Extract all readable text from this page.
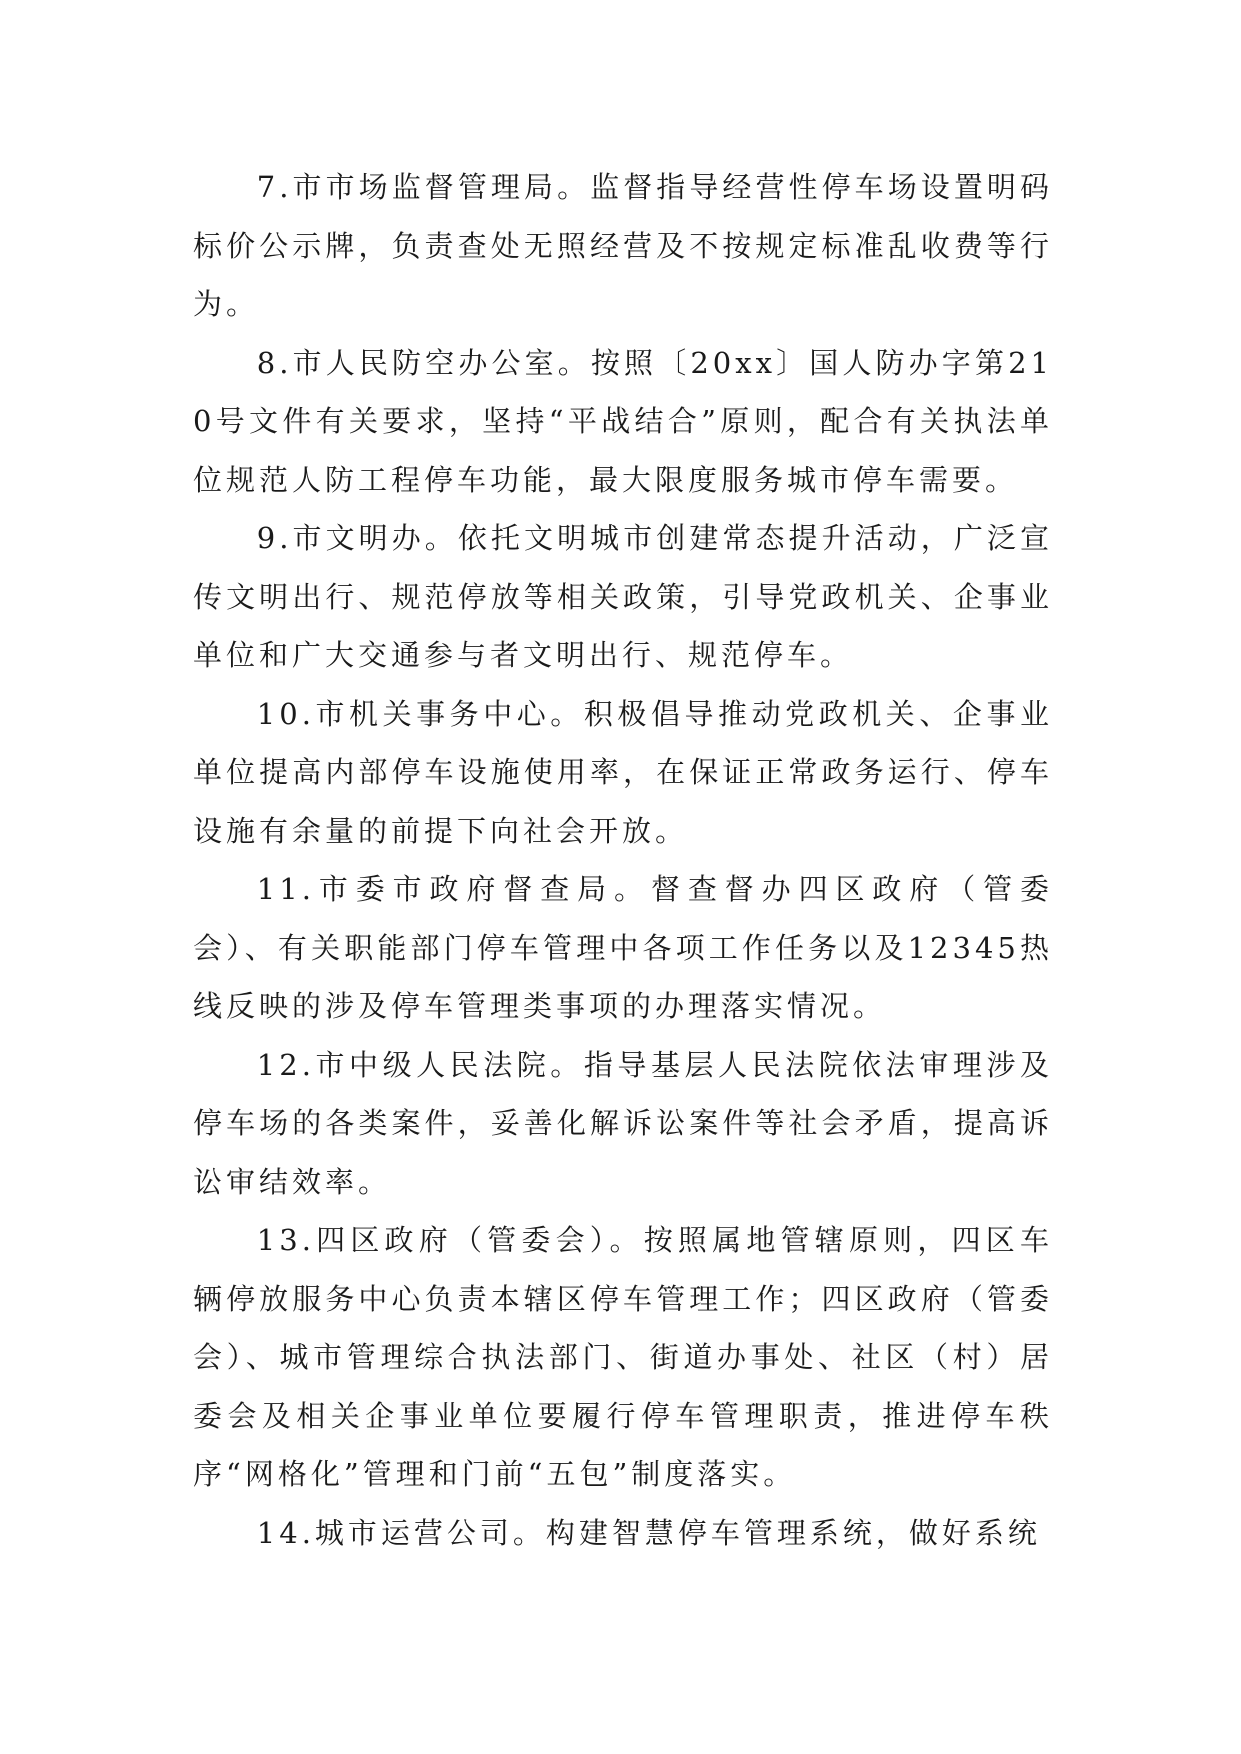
7.市市场监督管理局。监督指导经营性停车场设置明码标价公示牌，负责查处无照经营及不按规定标准乱收费等行为。

8.市人民防空办公室。按照〔20xx〕国人防办字第210号文件有关要求，坚持“平战结合”原则，配合有关执法单位规范人防工程停车功能，最大限度服务城市停车需要。

9.市文明办。依托文明城市创建常态提升活动，广泛宣传文明出行、规范停放等相关政策，引导党政机关、企事业单位和广大交通参与者文明出行、规范停车。

10.市机关事务中心。积极倡导推动党政机关、企事业单位提高内部停车设施使用率，在保证正常政务运行、停车设施有余量的前提下向社会开放。

11.市委市政府督查局。督查督办四区政府（管委会）、有关职能部门停车管理中各项工作任务以及12345热线反映的涉及停车管理类事项的办理落实情况。

12.市中级人民法院。指导基层人民法院依法审理涉及停车场的各类案件，妥善化解诉讼案件等社会矛盾，提高诉讼审结效率。

13.四区政府（管委会）。按照属地管辖原则，四区车辆停放服务中心负责本辖区停车管理工作；四区政府（管委会）、城市管理综合执法部门、街道办事处、社区（村）居委会及相关企事业单位要履行停车管理职责，推进停车秩序“网格化”管理和门前“五包”制度落实。

14.城市运营公司。构建智慧停车管理系统，做好系统
